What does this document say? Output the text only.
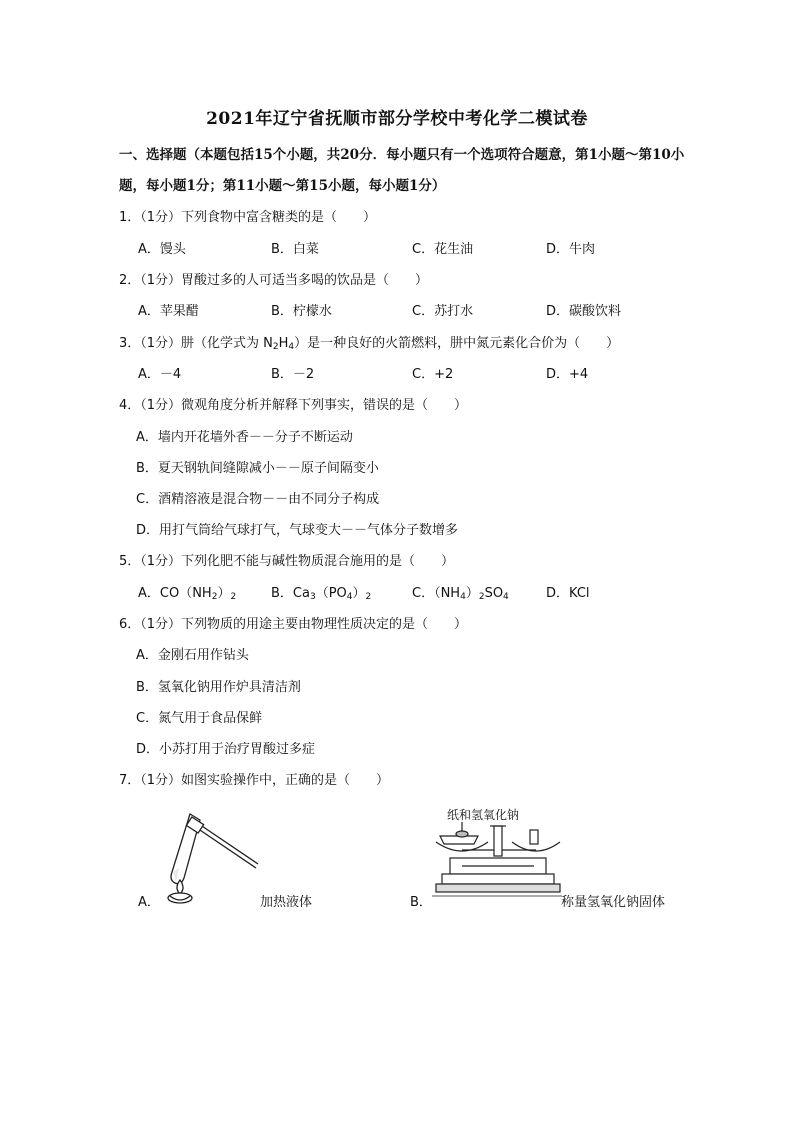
2021年辽宁省抚顺市部分学校中考化学二模试卷
一、选择题（本题包括15个小题，共20分．每小题只有一个选项符合题意，第1小题～第10小题，每小题1分；第11小题～第15小题，每小题1分）
1．（1分）下列食物中富含糖类的是（　　）
A．馒头	B．白菜	C．花生油	D．牛肉
2．（1分）胃酸过多的人可适当多喝的饮品是（　　）
A．苹果醋	B．柠檬水	C．苏打水	D．碳酸饮料
3．（1分）肼（化学式为 $N_2H_4$）是一种良好的火箭燃料，肼中氮元素化合价为（　　）
A．－4	B．－2	C．+2	D．+4
4．（1分）微观角度分析并解释下列事实，错误的是（　　）
A．墙内开花墙外香－－分子不断运动
B．夏天钢轨间缝隙减小－－原子间隔变小
C．酒精溶液是混合物－－由不同分子构成
D．用打气筒给气球打气，气球变大－－气体分子数增多
5．（1分）下列化肥不能与碱性物质混合施用的是（　　）
A．$CO(NH_2)_2$	B．$Ca_3(PO_4)_2$	C．$(NH_4)_2SO_4$	D．KCl
6．（1分）下列物质的用途主要由物理性质决定的是（　　）
A．金刚石用作钻头
B．氢氧化钠用作炉具清洁剂
C．氮气用于食品保鲜
D．小苏打用于治疗胃酸过多症
7．（1分）如图实验操作中，正确的是（　　）
A．	加热液体	B．
纸和氢氧化钠
称量氢氧化钠固体
